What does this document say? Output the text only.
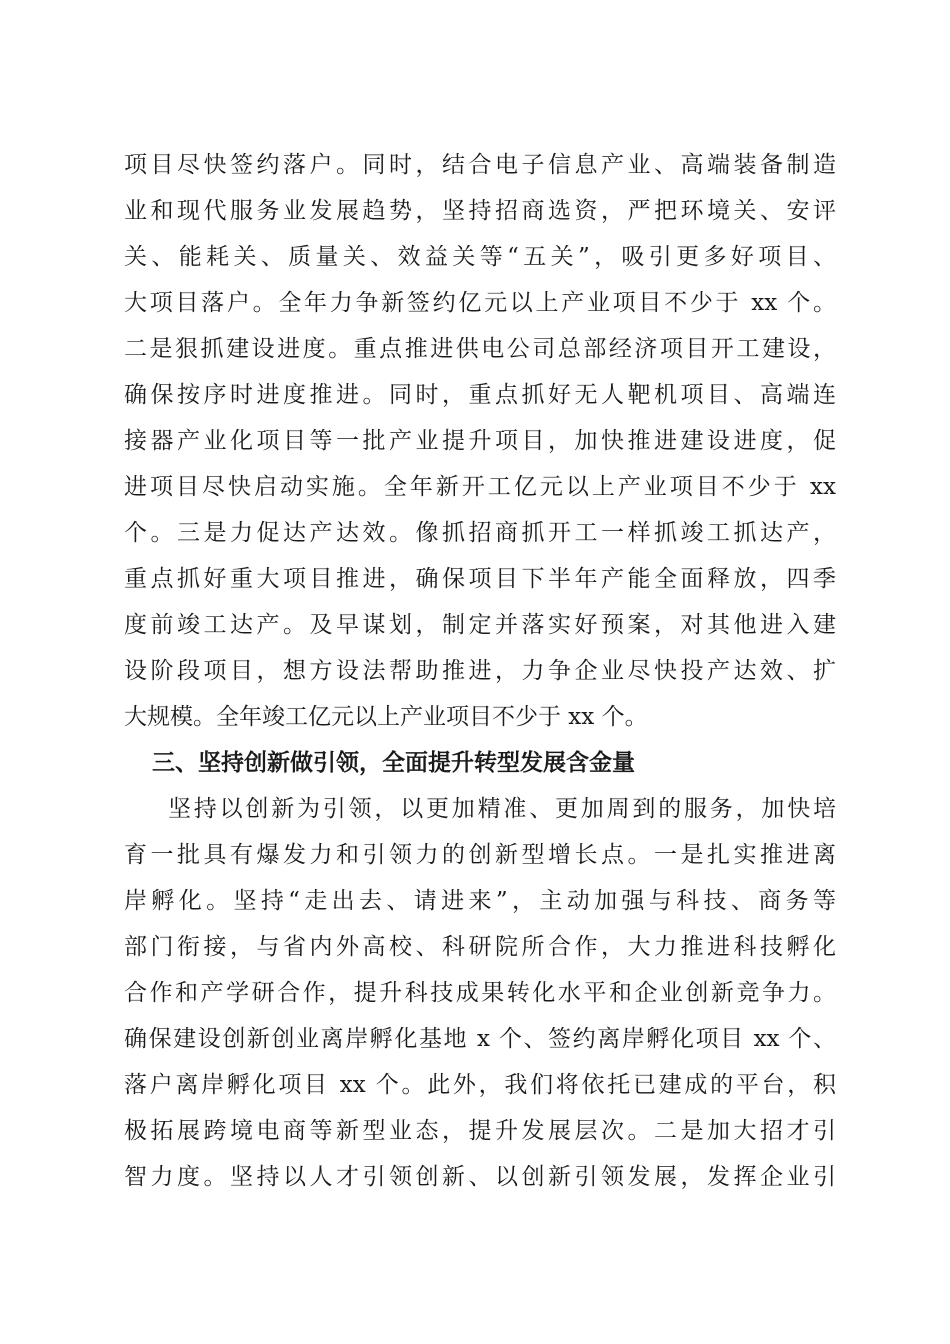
项目尽快签约落户。同时，结合电子信息产业、高端装备制造
业和现代服务业发展趋势，坚持招商选资，严把环境关、安评
关、能耗关、质量关、效益关等“五关”，吸引更多好项目、
大项目落户。全年力争新签约亿元以上产业项目不少于 xx 个。
二是狠抓建设进度。重点推进供电公司总部经济项目开工建设，
确保按序时进度推进。同时，重点抓好无人靶机项目、高端连
接器产业化项目等一批产业提升项目，加快推进建设进度，促
进项目尽快启动实施。全年新开工亿元以上产业项目不少于 xx
个。三是力促达产达效。像抓招商抓开工一样抓竣工抓达产，
重点抓好重大项目推进，确保项目下半年产能全面释放，四季
度前竣工达产。及早谋划，制定并落实好预案，对其他进入建
设阶段项目，想方设法帮助推进，力争企业尽快投产达效、扩
大规模。全年竣工亿元以上产业项目不少于 xx 个。
三、坚持创新做引领，全面提升转型发展含金量
坚持以创新为引领，以更加精准、更加周到的服务，加快培
育一批具有爆发力和引领力的创新型增长点。一是扎实推进离
岸孵化。坚持“走出去、请进来”，主动加强与科技、商务等
部门衔接，与省内外高校、科研院所合作，大力推进科技孵化
合作和产学研合作，提升科技成果转化水平和企业创新竞争力。
确保建设创新创业离岸孵化基地 x 个、签约离岸孵化项目 xx 个、
落户离岸孵化项目 xx 个。此外，我们将依托已建成的平台，积
极拓展跨境电商等新型业态，提升发展层次。二是加大招才引
智力度。坚持以人才引领创新、以创新引领发展，发挥企业引
